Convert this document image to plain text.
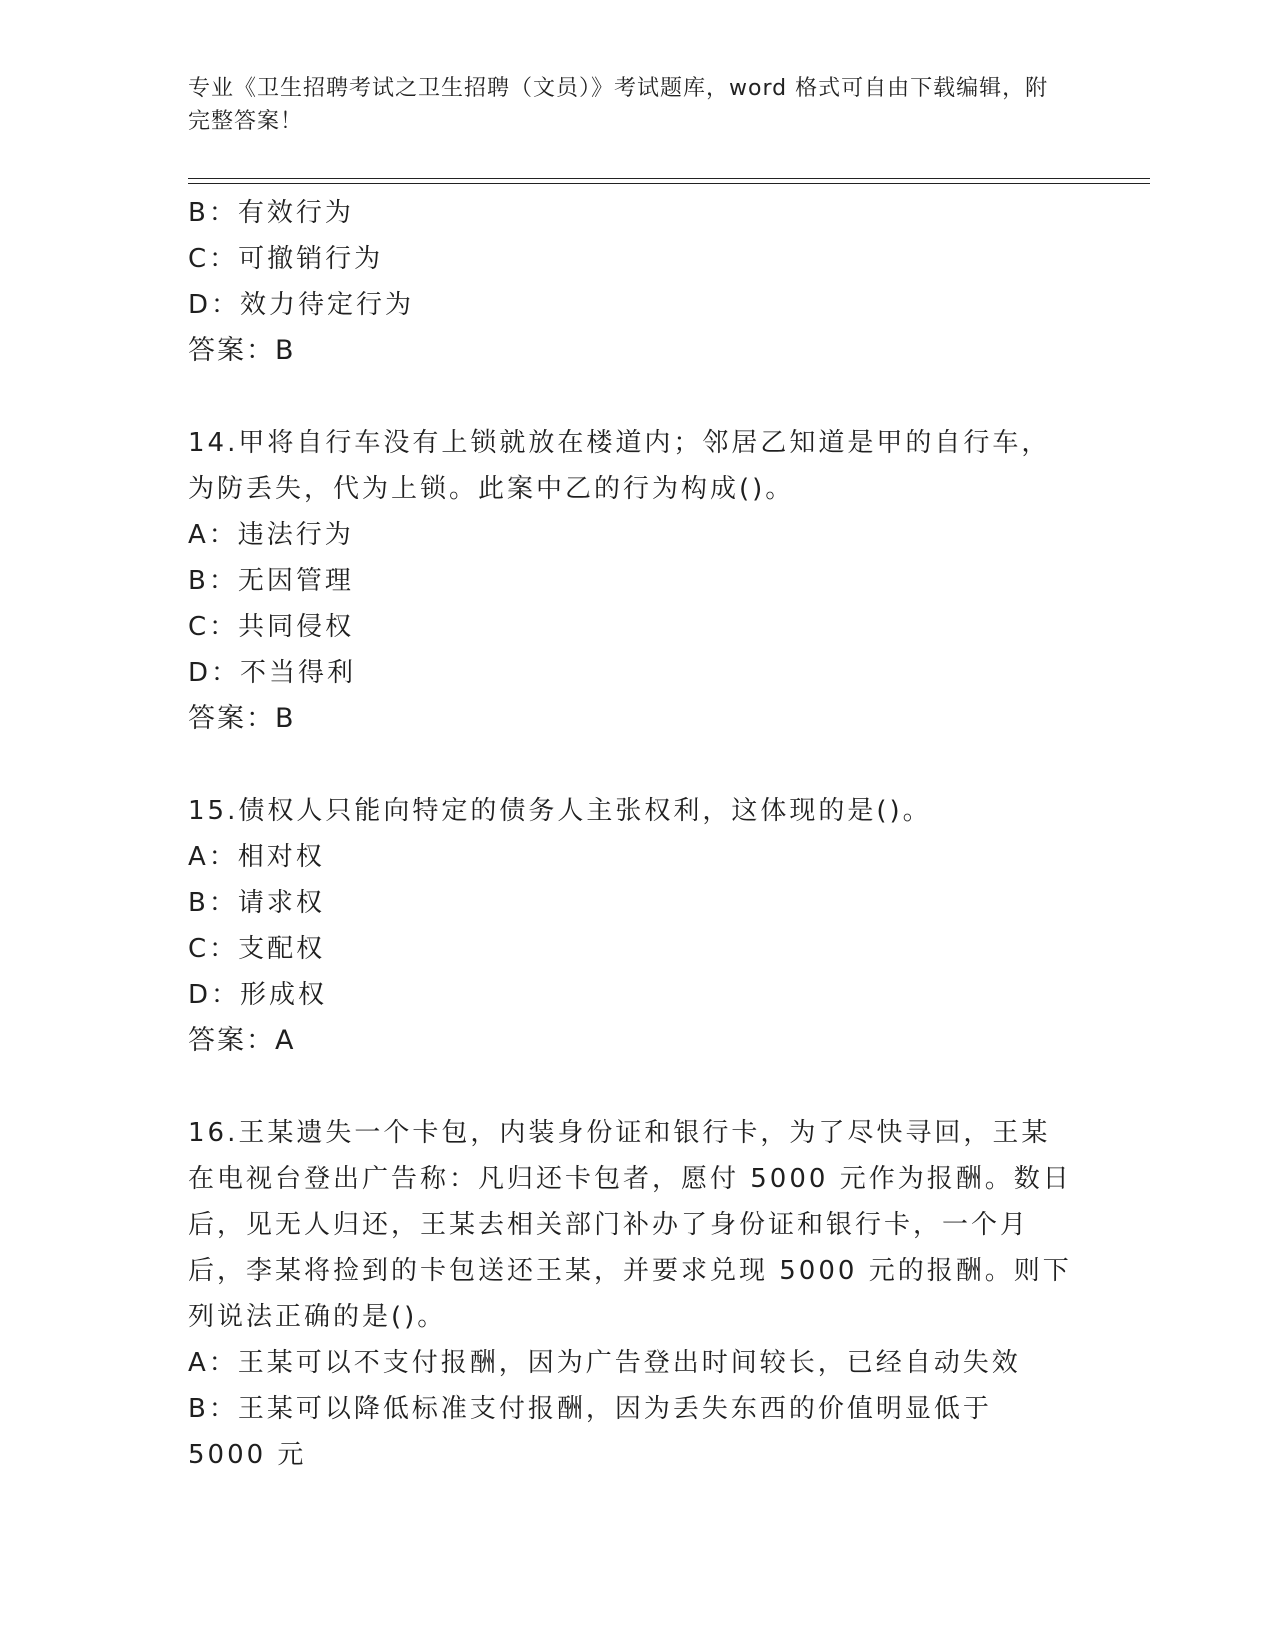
专业《卫生招聘考试之卫生招聘（文员）》考试题库，word 格式可自由下载编辑，附完整答案！

B：有效行为

C：可撤销行为

D：效力待定行为

答案：B

14.甲将自行车没有上锁就放在楼道内；邻居乙知道是甲的自行车，为防丢失，代为上锁。此案中乙的行为构成()。

A：违法行为

B：无因管理

C：共同侵权

D：不当得利

答案：B

15.债权人只能向特定的债务人主张权利，这体现的是()。

A：相对权

B：请求权

C：支配权

D：形成权

答案：A

16.王某遗失一个卡包，内装身份证和银行卡，为了尽快寻回，王某在电视台登出广告称：凡归还卡包者，愿付 5000 元作为报酬。数日后，见无人归还，王某去相关部门补办了身份证和银行卡，一个月后，李某将捡到的卡包送还王某，并要求兑现 5000 元的报酬。则下列说法正确的是()。

A：王某可以不支付报酬，因为广告登出时间较长，已经自动失效

B：王某可以降低标准支付报酬，因为丢失东西的价值明显低于 5000 元
